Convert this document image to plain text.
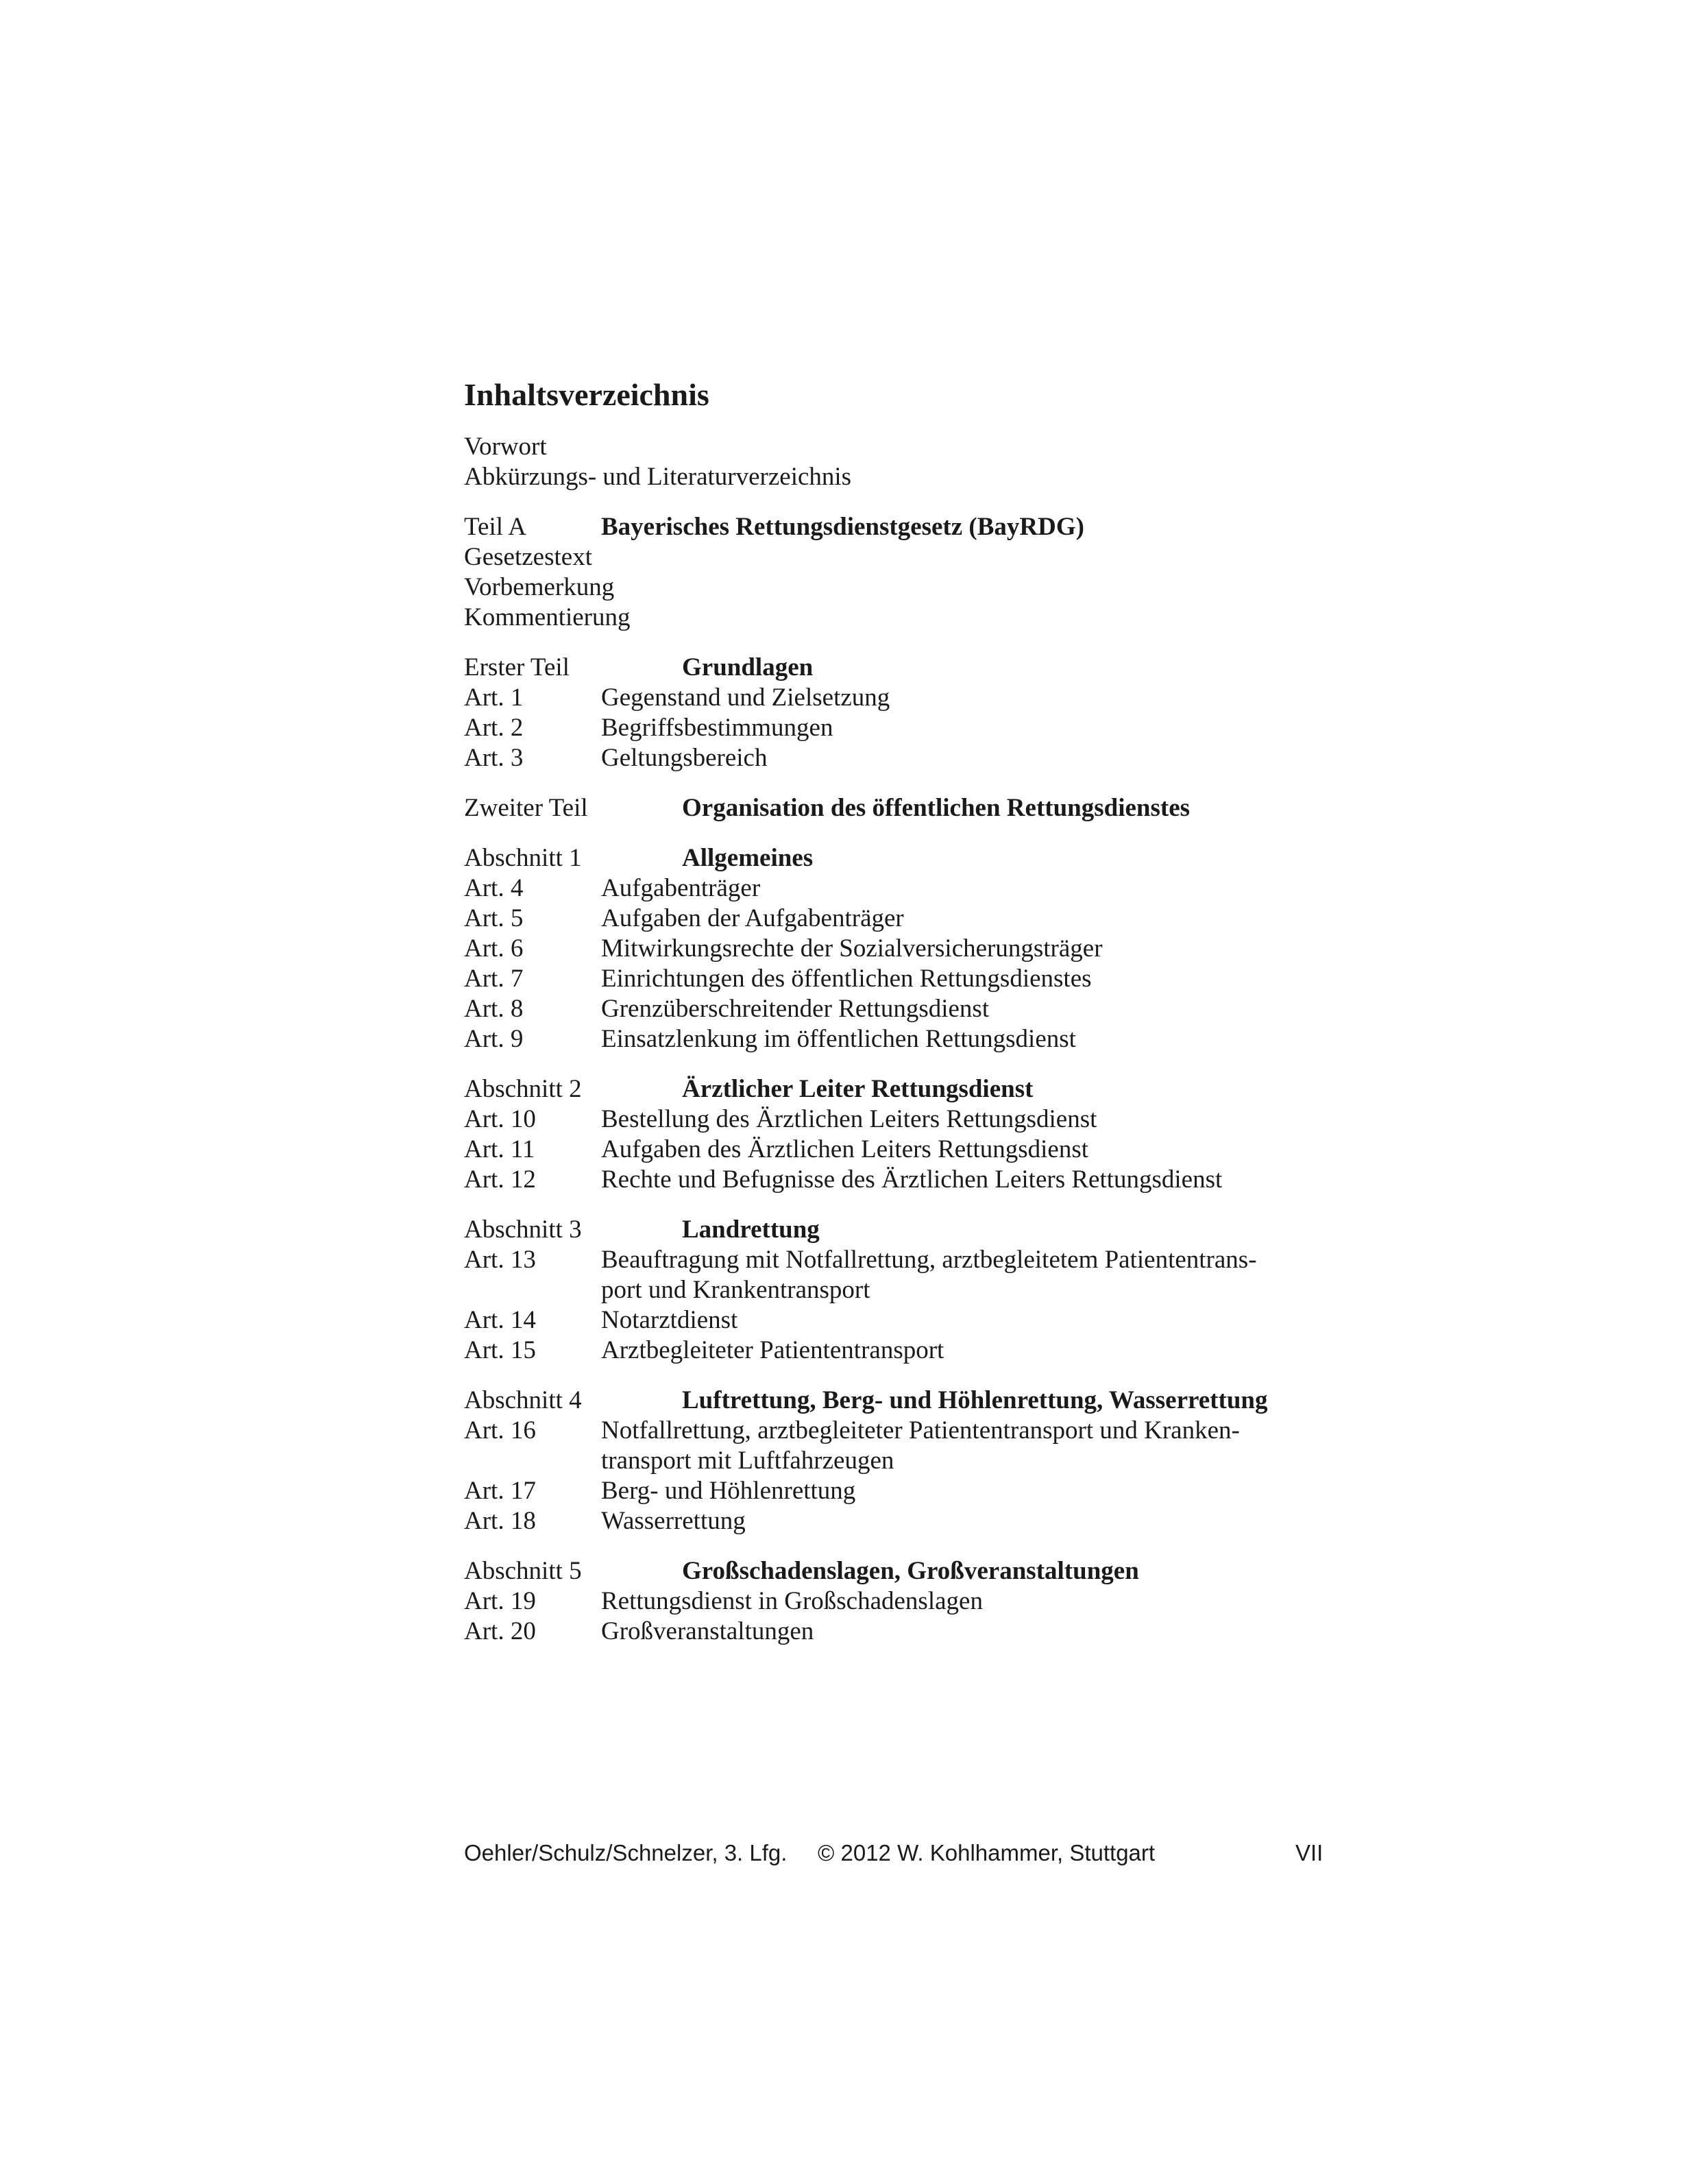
Inhaltsverzeichnis
Vorwort
Abkürzungs- und Literaturverzeichnis
Teil A	Bayerisches Rettungsdienstgesetz (BayRDG)
Gesetzestext
Vorbemerkung
Kommentierung
Erster Teil	Grundlagen
Art. 1	Gegenstand und Zielsetzung
Art. 2	Begriffsbestimmungen
Art. 3	Geltungsbereich
Zweiter Teil	Organisation des öffentlichen Rettungsdienstes
Abschnitt 1	Allgemeines
Art. 4	Aufgabenträger
Art. 5	Aufgaben der Aufgabenträger
Art. 6	Mitwirkungsrechte der Sozialversicherungsträger
Art. 7	Einrichtungen des öffentlichen Rettungsdienstes
Art. 8	Grenzüberschreitender Rettungsdienst
Art. 9	Einsatzlenkung im öffentlichen Rettungsdienst
Abschnitt 2	Ärztlicher Leiter Rettungsdienst
Art. 10	Bestellung des Ärztlichen Leiters Rettungsdienst
Art. 11	Aufgaben des Ärztlichen Leiters Rettungsdienst
Art. 12	Rechte und Befugnisse des Ärztlichen Leiters Rettungsdienst
Abschnitt 3	Landrettung
Art. 13	Beauftragung mit Notfallrettung, arztbegleitetem Patiententrans-
port und Krankentransport
Art. 14	Notarztdienst
Art. 15	Arztbegleiteter Patiententransport
Abschnitt 4	Luftrettung, Berg- und Höhlenrettung, Wasserrettung
Art. 16	Notfallrettung, arztbegleiteter Patiententransport und Kranken-
transport mit Luftfahrzeugen
Art. 17	Berg- und Höhlenrettung
Art. 18	Wasserrettung
Abschnitt 5	Großschadenslagen, Großveranstaltungen
Art. 19	Rettungsdienst in Großschadenslagen
Art. 20	Großveranstaltungen
Oehler/Schulz/Schnelzer, 3. Lfg. © 2012 W. Kohlhammer, Stuttgart	VII
